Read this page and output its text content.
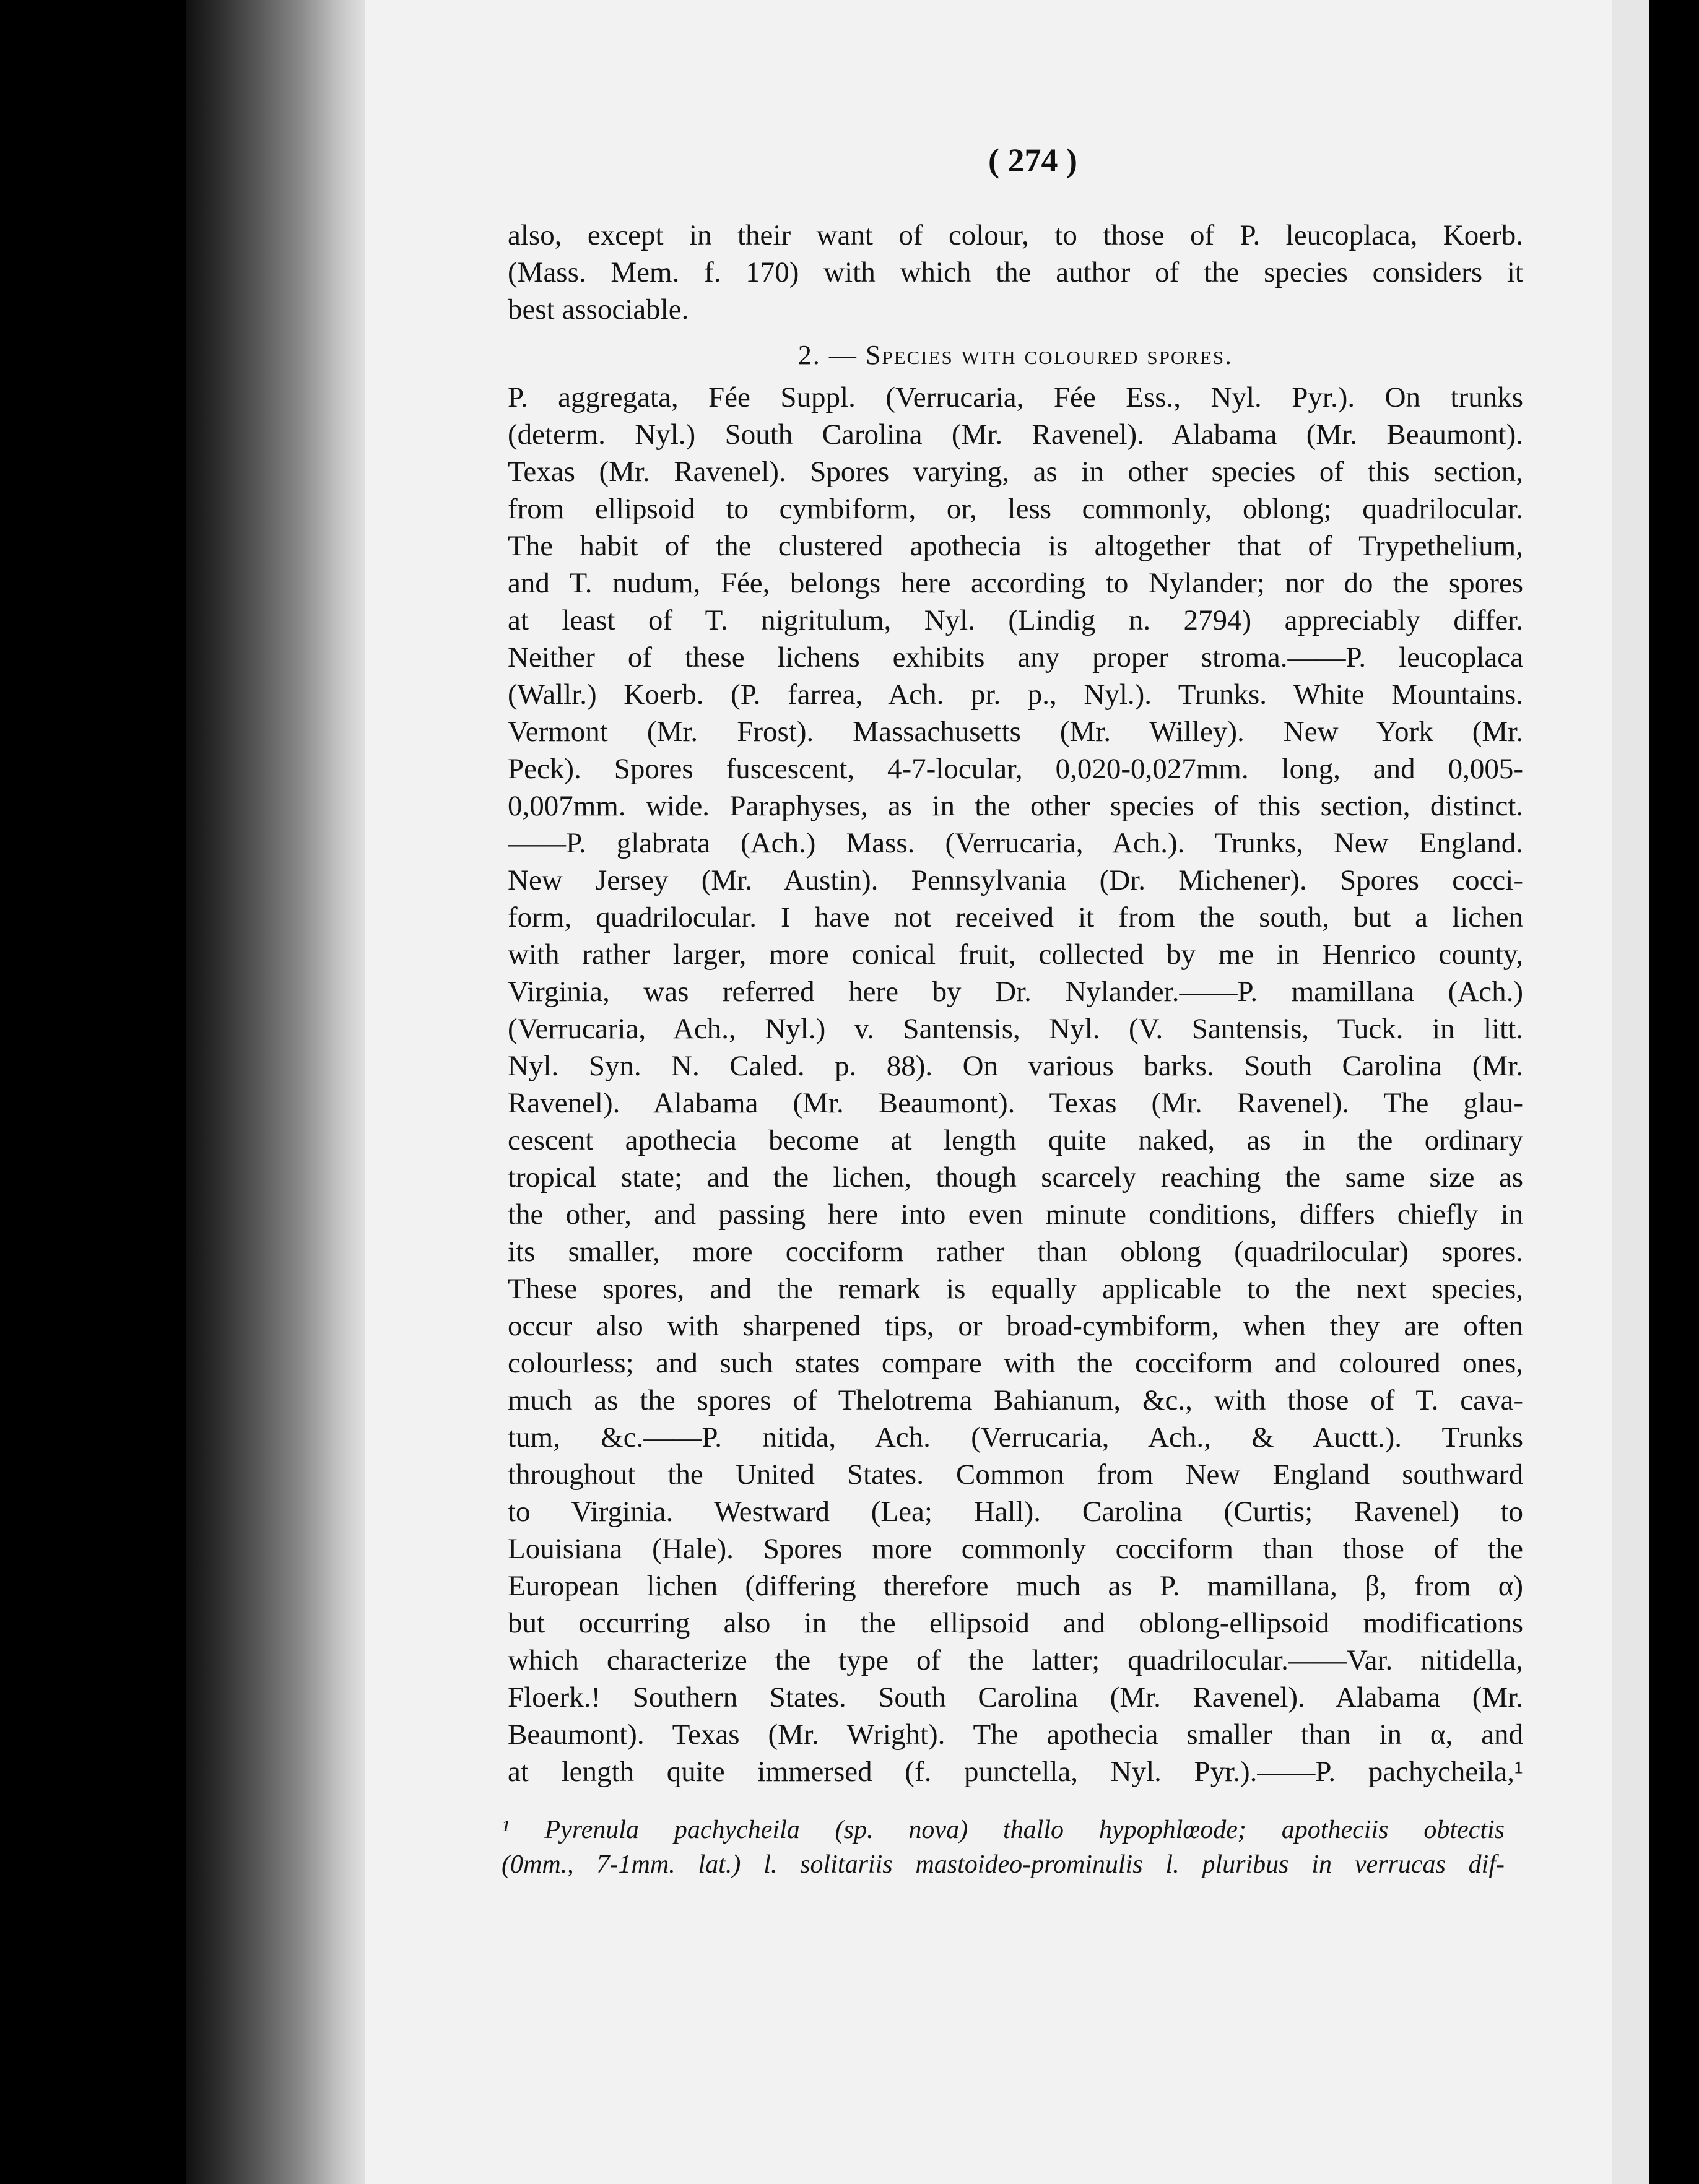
( 274 )
also, except in their want of colour, to those of P. leucoplaca, Koerb.
(Mass. Mem. f. 170) with which the author of the species considers it
best associable.
2. — Species with coloured spores.
P. aggregata, Fée Suppl. (Verrucaria, Fée Ess., Nyl. Pyr.). On trunks
(determ. Nyl.) South Carolina (Mr. Ravenel). Alabama (Mr. Beaumont).
Texas (Mr. Ravenel). Spores varying, as in other species of this section,
from ellipsoid to cymbiform, or, less commonly, oblong; quadrilocular.
The habit of the clustered apothecia is altogether that of Trypethelium,
and T. nudum, Fée, belongs here according to Nylander; nor do the spores
at least of T. nigritulum, Nyl. (Lindig n. 2794) appreciably differ.
Neither of these lichens exhibits any proper stroma.——P. leucoplaca
(Wallr.) Koerb. (P. farrea, Ach. pr. p., Nyl.). Trunks. White Mountains.
Vermont (Mr. Frost). Massachusetts (Mr. Willey). New York (Mr.
Peck). Spores fuscescent, 4-7-locular, 0,020-0,027mm. long, and 0,005-
0,007mm. wide. Paraphyses, as in the other species of this section, distinct.
——P. glabrata (Ach.) Mass. (Verrucaria, Ach.). Trunks, New England.
New Jersey (Mr. Austin). Pennsylvania (Dr. Michener). Spores cocci-
form, quadrilocular. I have not received it from the south, but a lichen
with rather larger, more conical fruit, collected by me in Henrico county,
Virginia, was referred here by Dr. Nylander.——P. mamillana (Ach.)
(Verrucaria, Ach., Nyl.) v. Santensis, Nyl. (V. Santensis, Tuck. in litt.
Nyl. Syn. N. Caled. p. 88). On various barks. South Carolina (Mr.
Ravenel). Alabama (Mr. Beaumont). Texas (Mr. Ravenel). The glau-
cescent apothecia become at length quite naked, as in the ordinary
tropical state; and the lichen, though scarcely reaching the same size as
the other, and passing here into even minute conditions, differs chiefly in
its smaller, more cocciform rather than oblong (quadrilocular) spores.
These spores, and the remark is equally applicable to the next species,
occur also with sharpened tips, or broad-cymbiform, when they are often
colourless; and such states compare with the cocciform and coloured ones,
much as the spores of Thelotrema Bahianum, &c., with those of T. cava-
tum, &c.——P. nitida, Ach. (Verrucaria, Ach., & Auctt.). Trunks
throughout the United States. Common from New England southward
to Virginia. Westward (Lea; Hall). Carolina (Curtis; Ravenel) to
Louisiana (Hale). Spores more commonly cocciform than those of the
European lichen (differing therefore much as P. mamillana, β, from α)
but occurring also in the ellipsoid and oblong-ellipsoid modifications
which characterize the type of the latter; quadrilocular.——Var. nitidella,
Floerk.! Southern States. South Carolina (Mr. Ravenel). Alabama (Mr.
Beaumont). Texas (Mr. Wright). The apothecia smaller than in α, and
at length quite immersed (f. punctella, Nyl. Pyr.).——P. pachycheila,¹
¹ Pyrenula pachycheila (sp. nova) thallo hypophlœode; apotheciis obtectis
(0mm., 7-1mm. lat.) l. solitariis mastoideo-prominulis l. pluribus in verrucas dif-
